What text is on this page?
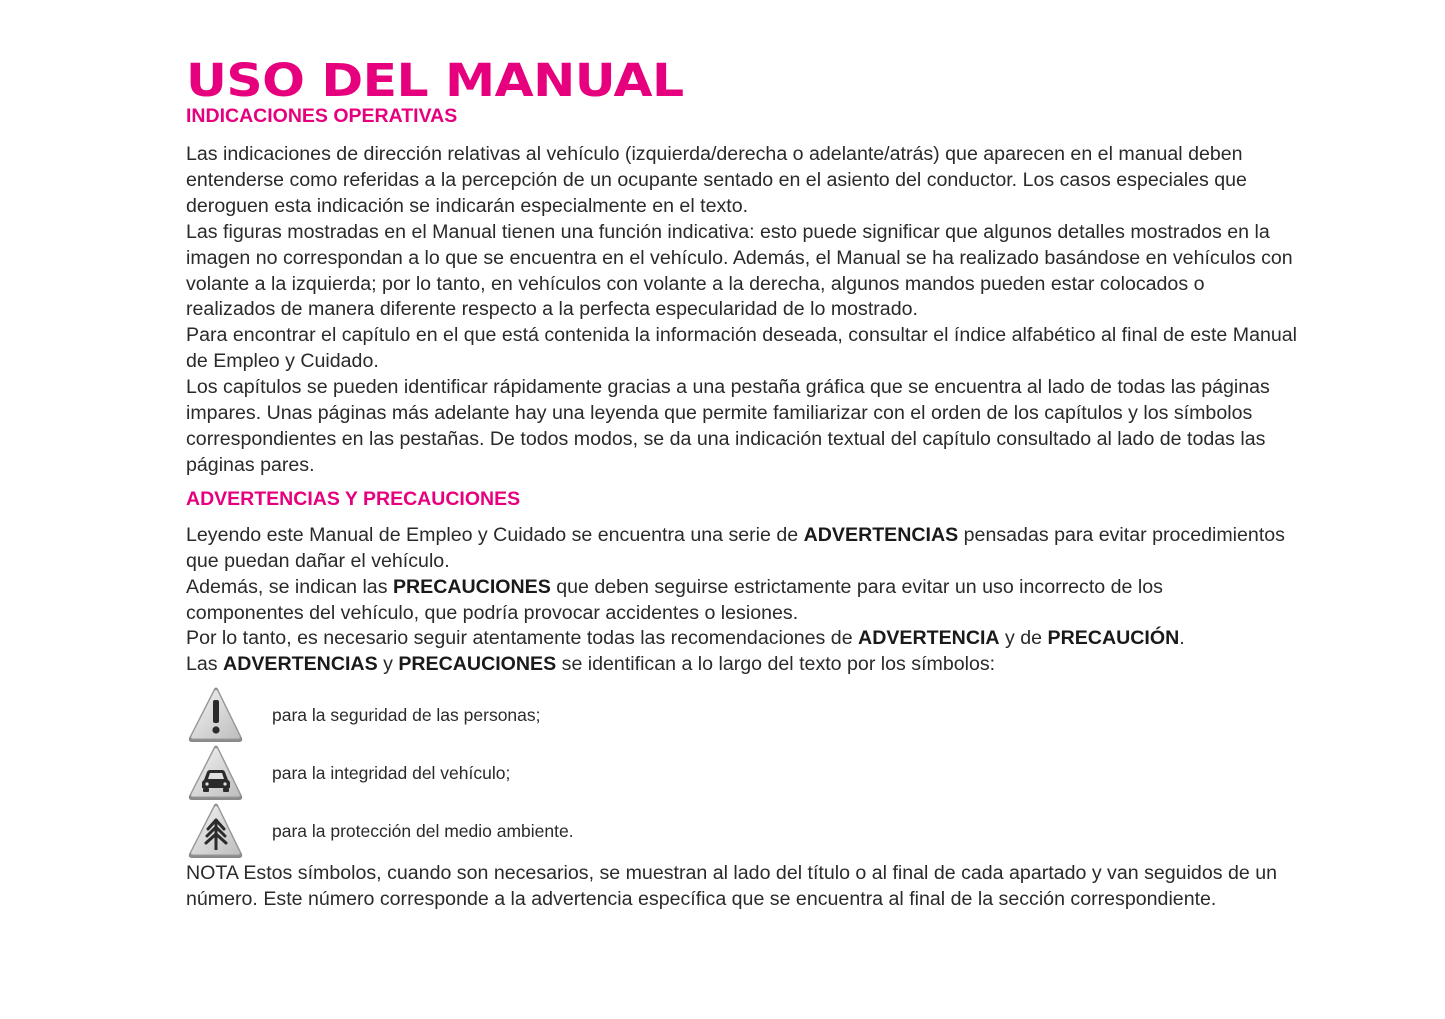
USO DEL MANUAL
INDICACIONES OPERATIVAS

Las indicaciones de dirección relativas al vehículo (izquierda/derecha o adelante/atrás) que aparecen en el manual deben

entenderse como referidas a la percepción de un ocupante sentado en el asiento del conductor. Los casos especiales que

deroguen esta indicación se indicarán especialmente en el texto.

Las figuras mostradas en el Manual tienen una función indicativa: esto puede significar que algunos detalles mostrados en la

imagen no correspondan a lo que se encuentra en el vehículo. Además, el Manual se ha realizado basándose en vehículos con

volante a la izquierda; por lo tanto, en vehículos con volante a la derecha, algunos mandos pueden estar colocados o

realizados de manera diferente respecto a la perfecta especularidad de lo mostrado.

Para encontrar el capítulo en el que está contenida la información deseada, consultar el índice alfabético al final de este Manual

de Empleo y Cuidado.

Los capítulos se pueden identificar rápidamente gracias a una pestaña gráfica que se encuentra al lado de todas las páginas

impares. Unas páginas más adelante hay una leyenda que permite familiarizar con el orden de los capítulos y los símbolos

correspondientes en las pestañas. De todos modos, se da una indicación textual del capítulo consultado al lado de todas las

páginas pares.

ADVERTENCIAS Y PRECAUCIONES

Leyendo este Manual de Empleo y Cuidado se encuentra una serie de ADVERTENCIAS pensadas para evitar procedimientos

que puedan dañar el vehículo.

Además, se indican las PRECAUCIONES que deben seguirse estrictamente para evitar un uso incorrecto de los

componentes del vehículo, que podría provocar accidentes o lesiones.

Por lo tanto, es necesario seguir atentamente todas las recomendaciones de ADVERTENCIA y de PRECAUCIÓN.

Las ADVERTENCIAS y PRECAUCIONES se identifican a lo largo del texto por los símbolos:

para la seguridad de las personas;
para la integridad del vehículo;
para la protección del medio ambiente.

NOTA Estos símbolos, cuando son necesarios, se muestran al lado del título o al final de cada apartado y van seguidos de un

número. Este número corresponde a la advertencia específica que se encuentra al final de la sección correspondiente.
